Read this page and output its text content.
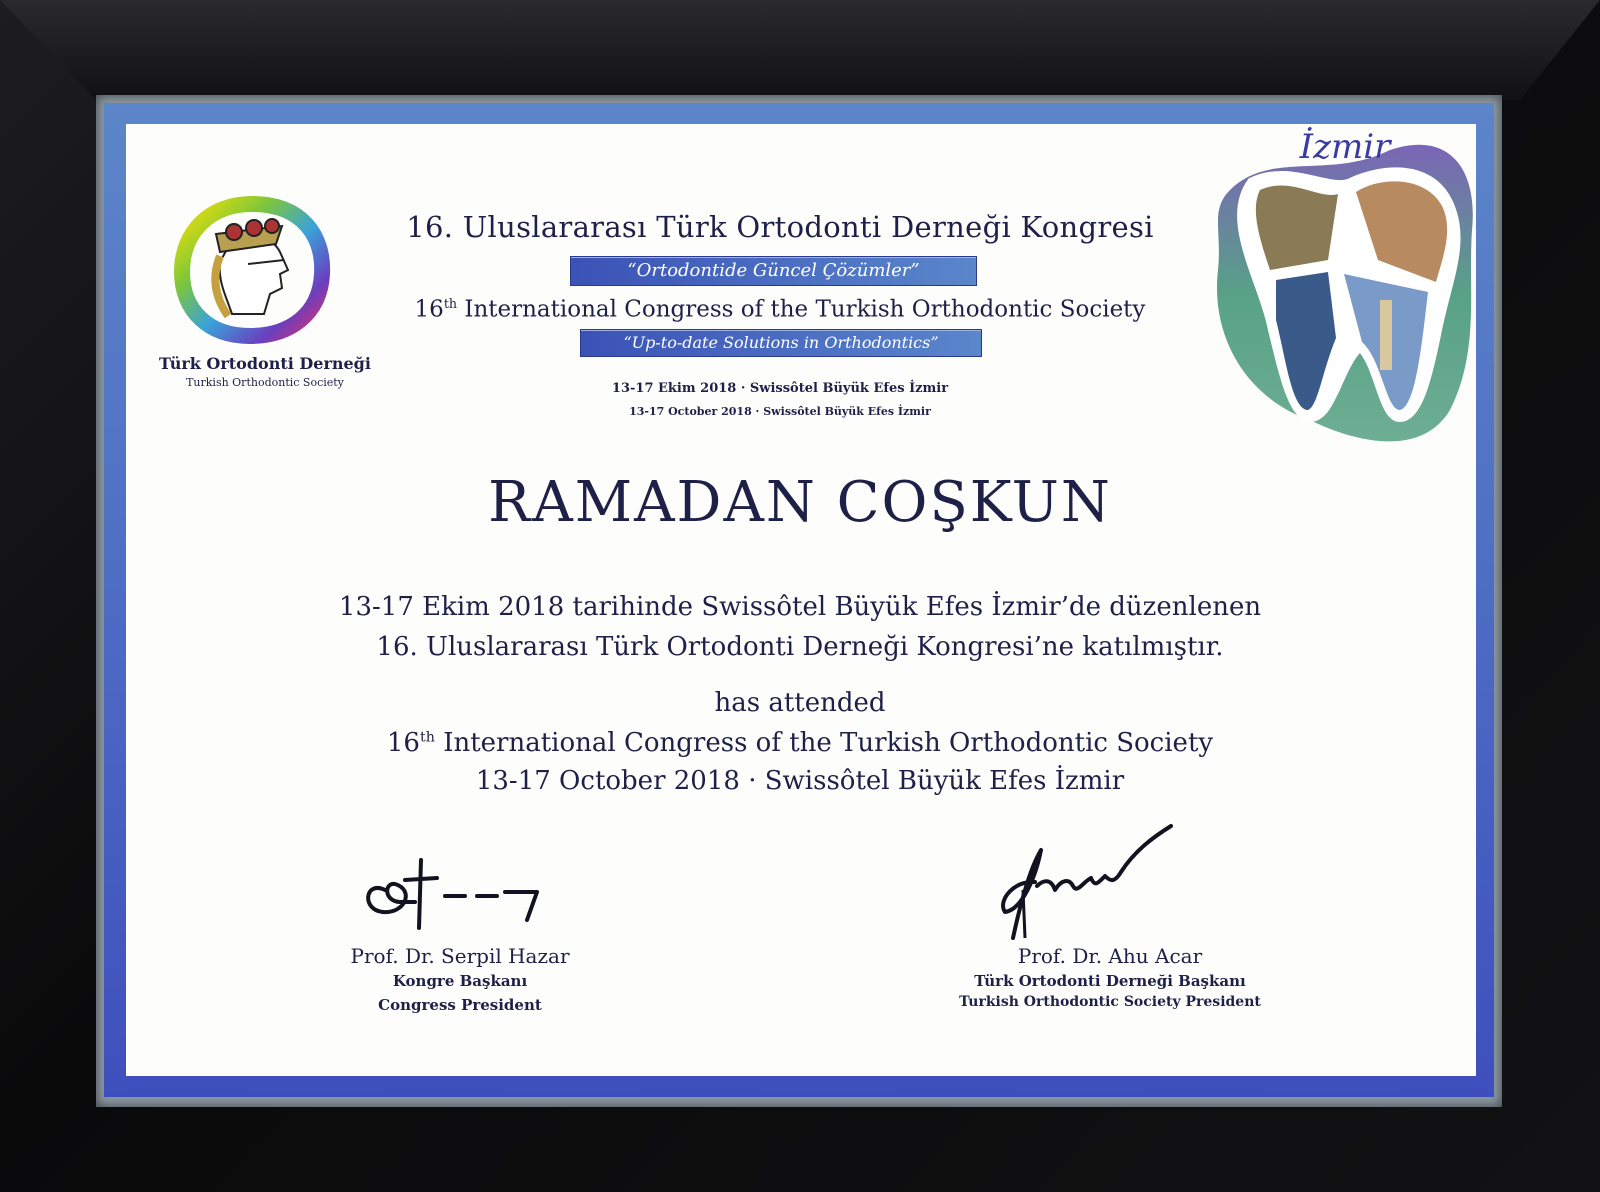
Türk Ortodonti Derneği
Turkish Orthodontic Society
16. Uluslararası Türk Ortodonti Derneği Kongresi
“Ortodontide Güncel Çözümler”
16th International Congress of the Turkish Orthodontic Society
“Up-to-date Solutions in Orthodontics”
13-17 Ekim 2018 · Swissôtel Büyük Efes İzmir
13-17 October 2018 · Swissôtel Büyük Efes İzmir
İzmir
RAMADAN COŞKUN
13-17 Ekim 2018 tarihinde Swissôtel Büyük Efes İzmir’de düzenlenen
16. Uluslararası Türk Ortodonti Derneği Kongresi’ne katılmıştır.
has attended
16th International Congress of the Turkish Orthodontic Society
13-17 October 2018 · Swissôtel Büyük Efes İzmir
Prof. Dr. Serpil Hazar
Kongre Başkanı
Congress President
Prof. Dr. Ahu Acar
Türk Ortodonti Derneği Başkanı
Turkish Orthodontic Society President
